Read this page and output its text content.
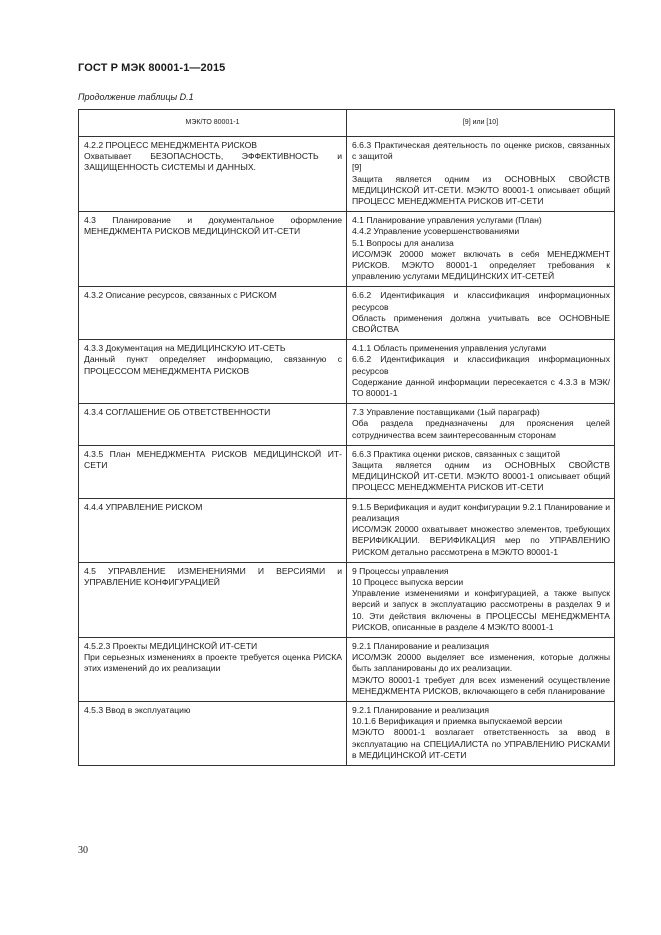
ГОСТ Р МЭК 80001-1—2015
Продолжение таблицы D.1
МЭК/ТО 80001-1	[9] или [10]

4.2.2 ПРОЦЕСС МЕНЕДЖМЕНТА РИСКОВ
Охватывает БЕЗОПАСНОСТЬ, ЭФФЕКТИВНОСТЬ и ЗАЩИЩЕННОСТЬ СИСТЕМЫ И ДАННЫХ.	6.6.3 Практическая деятельность по оценке рисков, связанных с защитой
[9]
Защита является одним из ОСНОВНЫХ СВОЙСТВ МЕДИЦИНСКОЙ ИТ-СЕТИ. МЭК/ТО 80001-1 описывает общий ПРОЦЕСС МЕНЕДЖМЕНТА РИСКОВ ИТ-СЕТИ

4.3 Планирование и документальное оформление МЕНЕДЖМЕНТА РИСКОВ МЕДИЦИНСКОЙ ИТ-СЕТИ	4.1 Планирование управления услугами (План)
4.4.2 Управление усовершенствованиями
5.1 Вопросы для анализа
ИСО/МЭК 20000 может включать в себя МЕНЕДЖМЕНТ РИСКОВ. МЭК/ТО 80001-1 определяет требования к управлению услугами МЕДИЦИНСКИХ ИТ-СЕТЕЙ

4.3.2 Описание ресурсов, связанных с РИСКОМ	6.6.2 Идентификация и классификация информационных ресурсов
Область применения должна учитывать все ОСНОВНЫЕ СВОЙСТВА

4.3.3 Документация на МЕДИЦИНСКУЮ ИТ-СЕТЬ
Данный пункт определяет информацию, связанную с ПРОЦЕССОМ МЕНЕДЖМЕНТА РИСКОВ	4.1.1 Область применения управления услугами
6.6.2 Идентификация и классификация информационных ресурсов
Содержание данной информации пересекается с 4.3.3 в МЭК/ТО 80001-1

4.3.4 СОГЛАШЕНИЕ ОБ ОТВЕТСТВЕННОСТИ	7.3 Управление поставщиками (1ый параграф)
Оба раздела предназначены для прояснения целей сотрудничества всем заинтересованным сторонам

4.3.5 План МЕНЕДЖМЕНТА РИСКОВ МЕДИЦИНСКОЙ ИТ-СЕТИ	6.6.3 Практика оценки рисков, связанных с защитой
Защита является одним из ОСНОВНЫХ СВОЙСТВ МЕДИЦИНСКОЙ ИТ-СЕТИ. МЭК/ТО 80001-1 описывает общий ПРОЦЕСС МЕНЕДЖМЕНТА РИСКОВ ИТ-СЕТИ

4.4.4 УПРАВЛЕНИЕ РИСКОМ	9.1.5 Верификация и аудит конфигурации 9.2.1 Планирование и реализация
ИСО/МЭК 20000 охватывает множество элементов, требующих ВЕРИФИКАЦИИ. ВЕРИФИКАЦИЯ мер по УПРАВЛЕНИЮ РИСКОМ детально рассмотрена в МЭК/ТО 80001-1

4.5 УПРАВЛЕНИЕ ИЗМЕНЕНИЯМИ И ВЕРСИЯМИ и УПРАВЛЕНИЕ КОНФИГУРАЦИЕЙ	9 Процессы управления
10 Процесс выпуска версии
Управление изменениями и конфигурацией, а также выпуск версий и запуск в эксплуатацию рассмотрены в разделах 9 и 10. Эти действия включены в ПРОЦЕССЫ МЕНЕДЖМЕНТА РИСКОВ, описанные в разделе 4 МЭК/ТО 80001-1

4.5.2.3 Проекты МЕДИЦИНСКОЙ ИТ-СЕТИ
При серьезных изменениях в проекте требуется оценка РИСКА этих изменений до их реализации	9.2.1 Планирование и реализация
ИСО/МЭК 20000 выделяет все изменения, которые должны быть запланированы до их реализации.
МЭК/ТО 80001-1 требует для всех изменений осуществление МЕНЕДЖМЕНТА РИСКОВ, включающего в себя планирование

4.5.3 Ввод в эксплуатацию	9.2.1 Планирование и реализация
10.1.6 Верификация и приемка выпускаемой версии
МЭК/ТО 80001-1 возлагает ответственность за ввод в эксплуатацию на СПЕЦИАЛИСТА по УПРАВЛЕНИЮ РИСКАМИ в МЕДИЦИНСКОЙ ИТ-СЕТИ
30
